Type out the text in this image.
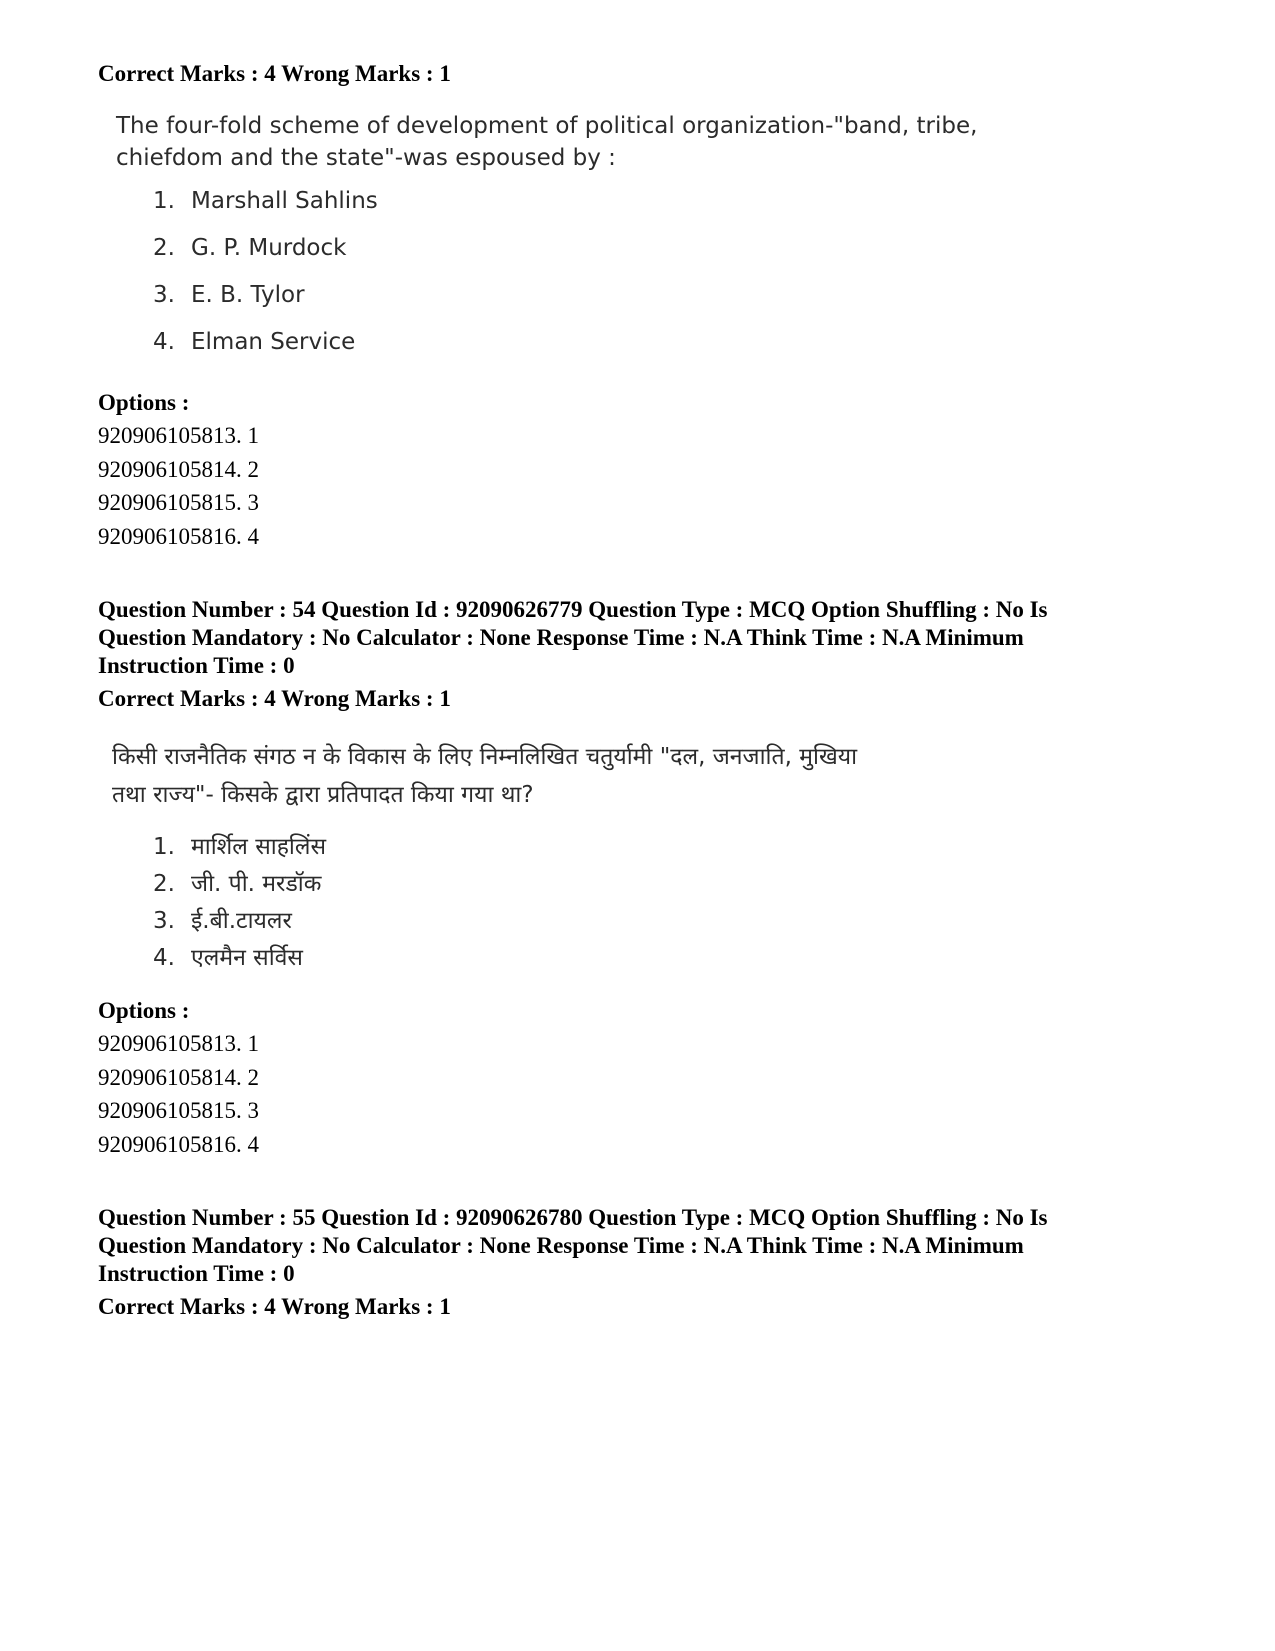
Correct Marks : 4 Wrong Marks : 1
The four-fold scheme of development of political organization-"band, tribe,
chiefdom and the state"-was espoused by :
1. Marshall Sahlins
2. G. P. Murdock
3. E. B. Tylor
4. Elman Service
Options :
920906105813. 1
920906105814. 2
920906105815. 3
920906105816. 4
Question Number : 54 Question Id : 92090626779 Question Type : MCQ Option Shuffling : No Is
Question Mandatory : No Calculator : None Response Time : N.A Think Time : N.A Minimum
Instruction Time : 0
Correct Marks : 4 Wrong Marks : 1
किसी राजनैतिक संगठ न के विकास के लिए निम्नलिखित चतुर्यामी "दल, जनजाति, मुखिया
तथा राज्य"- किसके द्वारा प्रतिपादत किया गया था?
1. मार्शिल साहलिंस
2. जी. पी. मरडॉक
3. ई.बी.टायलर
4. एलमैन सर्विस
Options :
920906105813. 1
920906105814. 2
920906105815. 3
920906105816. 4
Question Number : 55 Question Id : 92090626780 Question Type : MCQ Option Shuffling : No Is
Question Mandatory : No Calculator : None Response Time : N.A Think Time : N.A Minimum
Instruction Time : 0
Correct Marks : 4 Wrong Marks : 1
